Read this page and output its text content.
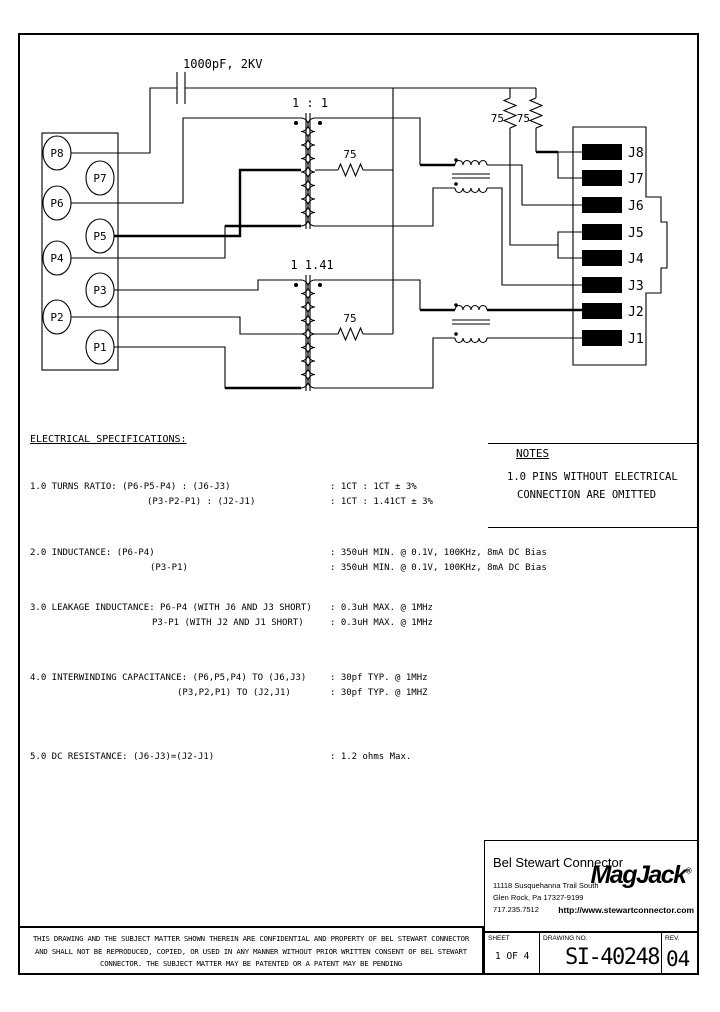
P8
P7
P6
P5
P4
P3
P2
P1
1000pF, 2KV
1 : 1
1 1.41
75
75
75 75
J8
J7
J6
J5
J4
J3
J2
J1
ELECTRICAL SPECIFICATIONS:
1.0 TURNS RATIO: (P6-P5-P4) : (J6-J3)	: 1CT : 1CT ± 3%
(P3-P2-P1) : (J2-J1)	: 1CT : 1.41CT ± 3%
2.0 INDUCTANCE: (P6-P4)	: 350uH MIN. @ 0.1V, 100KHz, 8mA DC Bias
(P3-P1)	: 350uH MIN. @ 0.1V, 100KHz, 8mA DC Bias
3.0 LEAKAGE INDUCTANCE: P6-P4 (WITH J6 AND J3 SHORT) : 0.3uH MAX. @ 1MHz
P3-P1 (WITH J2 AND J1 SHORT)	: 0.3uH MAX. @ 1MHz
4.0 INTERWINDING CAPACITANCE: (P6,P5,P4) TO (J6,J3)	: 30pf TYP. @ 1MHz
(P3,P2,P1) TO (J2,J1)	: 30pf TYP. @ 1MHZ
5.0 DC RESISTANCE: (J6-J3)=(J2-J1)	: 1.2 ohms Max.
NOTES
1.0 PINS WITHOUT ELECTRICAL
CONNECTION ARE OMITTED
Bel Stewart Connector
11118 Susquehanna Trail South
Glen Rock, Pa 17327-9199
717.235.7512
MagJack®
http://www.stewartconnector.com
SHEET
1 OF 4
DRAWING NO.
SI-40248
REV.
04
THIS DRAWING AND THE SUBJECT MATTER SHOWN THEREIN ARE CONFIDENTIAL AND PROPERTY OF BEL STEWART CONNECTOR
AND SHALL NOT BE REPRODUCED, COPIED, OR USED IN ANY MANNER WITHOUT PRIOR WRITTEN CONSENT OF BEL STEWART
CONNECTOR. THE SUBJECT MATTER MAY BE PATENTED OR A PATENT MAY BE PENDING
